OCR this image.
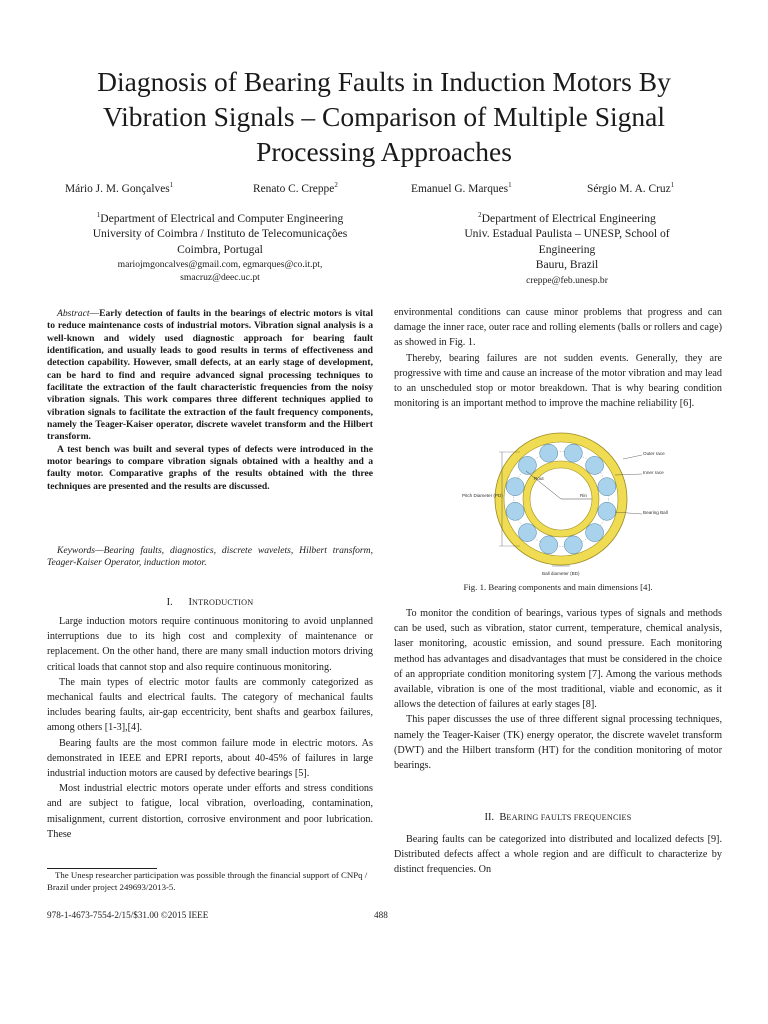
Diagnosis of Bearing Faults in Induction Motors By
Vibration Signals – Comparison of Multiple Signal
Processing Approaches
Mário J. M. Gonçalves$^1$	Renato C. Creppe$^2$	Emanuel G. Marques$^1$	Sérgio M. A. Cruz$^1$
$^1$Department of Electrical and Computer Engineering
University of Coimbra / Instituto de Telecomunicações
Coimbra, Portugal
mariojmgoncalves@gmail.com, egmarques@co.it.pt,
smacruz@deec.uc.pt
$^2$Department of Electrical Engineering
Univ. Estadual Paulista – UNESP, School of
Engineering
Bauru, Brazil
creppe@feb.unesp.br

Abstract—Early detection of faults in the bearings of electric motors is vital to reduce maintenance costs of industrial motors. Vibration signal analysis is a well-known and widely used diagnostic approach for bearing fault identification, and usually leads to good results in terms of effectiveness and detection capability. However, small defects, at an early stage of development, can be hard to find and require advanced signal processing techniques to facilitate the extraction of the fault characteristic frequencies from the noisy vibration signals. This work compares three different techniques applied to vibration signals to facilitate the extraction of the fault frequency components, namely the Teager-Kaiser operator, discrete wavelet transform and the Hilbert transform.

A test bench was built and several types of defects were introduced in the motor bearings to compare vibration signals obtained with a healthy and a faulty motor. Comparative graphs of the results obtained with the three techniques are presented and the results are discussed.

Keywords—Bearing faults, diagnostics, discrete wavelets, Hilbert transform, Teager-Kaiser Operator, induction motor.
I.   INTRODUCTION

Large induction motors require continuous monitoring to avoid unplanned interruptions due to its high cost and complexity of maintenance or replacement. On the other hand, there are many small induction motors driving critical loads that cannot stop and also require continuous monitoring.

The main types of electric motor faults are commonly categorized as mechanical faults and electrical faults. The category of mechanical faults includes bearing faults, air-gap eccentricity, bent shafts and gearbox failures, among others [1-3],[4].

Bearing faults are the most common failure mode in electric motors. As demonstrated in IEEE and EPRI reports, about 40-45% of failures in large industrial induction motors are caused by defective bearings [5].

Most industrial electric motors operate under efforts and stress conditions and are subject to fatigue, local vibration, overloading, contamination, misalignment, current distortion, corrosive environment and poor lubrication. These

The Unesp researcher participation was possible through the financial support of CNPq / Brazil under project 249693/2013-5.

environmental conditions can cause minor problems that progress and can damage the inner race, outer race and rolling elements (balls or rollers and cage) as showed in Fig. 1.

Thereby, bearing failures are not sudden events. Generally, they are progressive with time and cause an increase of the motor vibration and may lead to an unscheduled stop or motor breakdown. That is why bearing condition monitoring is an important method to improve the machine reliability [6].

Outer race
Inner race
Bearing Ball
Pitch Diameter (PD)
Ball diameter (BD)
Rout
Rin
Fig. 1. Bearing components and main dimensions [4].

To monitor the condition of bearings, various types of signals and methods can be used, such as vibration, stator current, temperature, chemical analysis, laser monitoring, acoustic emission, and sound pressure. Each monitoring method has advantages and disadvantages that must be considered in the choice of an appropriate condition monitoring system [7]. Among the various methods available, vibration is one of the most traditional, viable and economic, as it allows the detection of failures at early stages [8].

This paper discusses the use of three different signal processing techniques, namely the Teager-Kaiser (TK) energy operator, the discrete wavelet transform (DWT) and the Hilbert transform (HT) for the condition monitoring of motor bearings.

II.  BEARING FAULTS FREQUENCIES

Bearing faults can be categorized into distributed and localized defects [9]. Distributed defects affect a whole region and are difficult to characterize by distinct frequencies. On

978-1-4673-7554-2/15/$31.00 ©2015 IEEE	488
